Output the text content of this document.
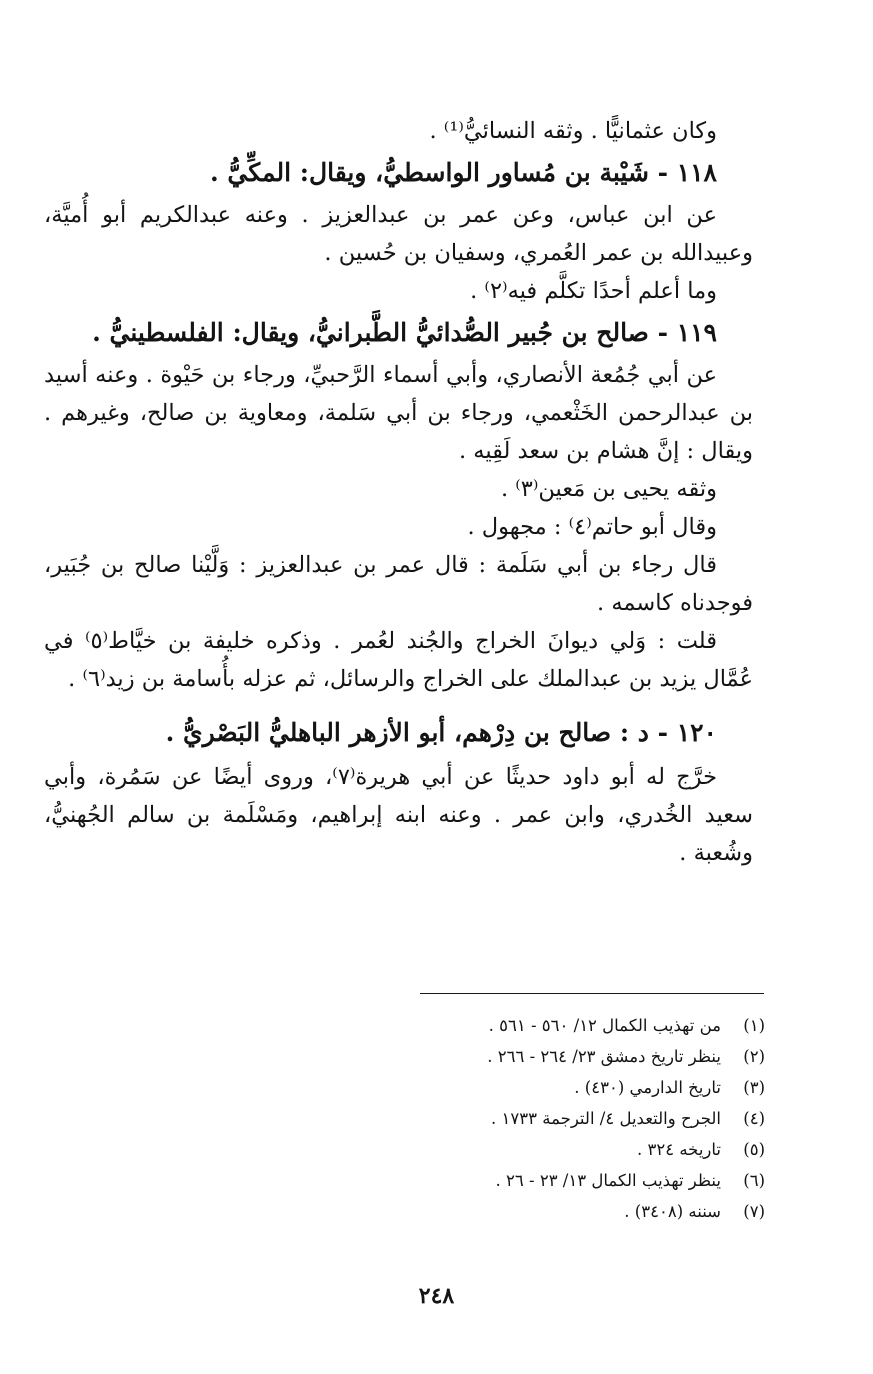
وكان عثمانيًّا . وثقه النسائيُّ⁽¹⁾ .

١١٨ - شَيْبة بن مُساور الواسطيُّ، ويقال: المكِّيُّ .

عن ابن عباس، وعن عمر بن عبدالعزيز . وعنه عبدالكريم أبو أُميَّة، وعبيدالله بن عمر العُمري، وسفيان بن حُسين .

وما أعلم أحدًا تكلَّم فيه⁽٢⁾ .

١١٩ - صالح بن جُبير الصُّدائيُّ الطَّبرانيُّ، ويقال: الفلسطينيُّ .

عن أبي جُمُعة الأنصاري، وأبي أسماء الرَّحبيِّ، ورجاء بن حَيْوة . وعنه أسيد بن عبدالرحمن الخَثْعمي، ورجاء بن أبي سَلمة، ومعاوية بن صالح، وغيرهم . ويقال : إنَّ هشام بن سعد لَقِيه .

وثقه يحيى بن مَعين⁽٣⁾ .

وقال أبو حاتم⁽٤⁾ : مجهول .

قال رجاء بن أبي سَلَمة : قال عمر بن عبدالعزيز : وَلَّيْنا صالح بن جُبَير، فوجدناه كاسمه .

قلت : وَلي ديوانَ الخراج والجُند لعُمر . وذكره خليفة بن خيَّاط⁽٥⁾ في عُمَّال يزيد بن عبدالملك على الخراج والرسائل، ثم عزله بأُسامة بن زيد⁽٦⁾ .

١٢٠ - د : صالح بن دِرْهم، أبو الأزهر الباهليُّ البَصْريُّ .

خرَّج له أبو داود حديثًا عن أبي هريرة⁽٧⁾، وروى أيضًا عن سَمُرة، وأبي سعيد الخُدري، وابن عمر . وعنه ابنه إبراهيم، ومَسْلَمة بن سالم الجُهنيُّ، وشُعبة .

(١)
من تهذيب الكمال ١٢/ ٥٦٠ - ٥٦١ .
(٢)
ينظر تاريخ دمشق ٢٣/ ٢٦٤ - ٢٦٦ .
(٣)
تاريخ الدارمي (٤٣٠) .
(٤)
الجرح والتعديل ٤/ الترجمة ١٧٣٣ .
(٥)
تاريخه ٣٢٤ .
(٦)
ينظر تهذيب الكمال ١٣/ ٢٣ - ٢٦ .
(٧)
سننه (٣٤٠٨) .
٢٤٨
